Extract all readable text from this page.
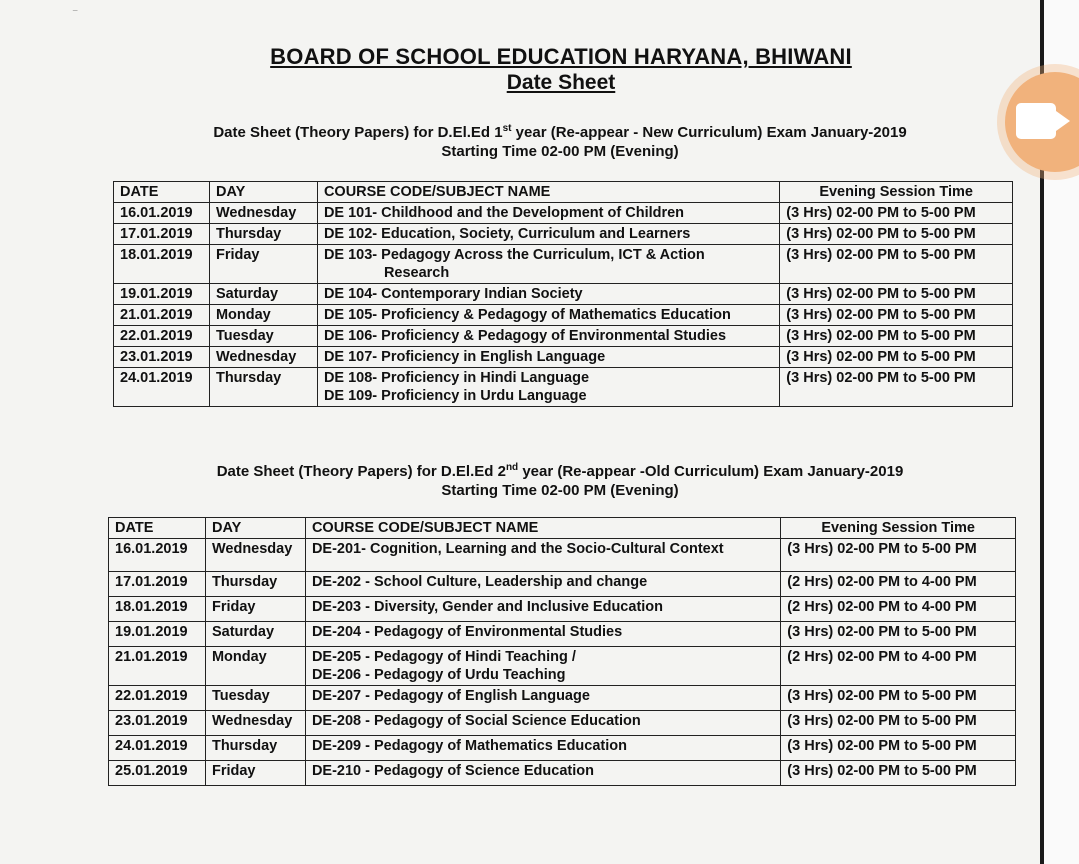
⁻
BOARD OF SCHOOL EDUCATION HARYANA, BHIWANI
Date Sheet
Date Sheet (Theory Papers) for D.El.Ed 1st year (Re-appear - New Curriculum) Exam January-2019
Starting Time 02-00 PM (Evening)
DATE	DAY	COURSE CODE/SUBJECT NAME	Evening Session Time
16.01.2019	Wednesday	DE 101- Childhood and the Development of Children	(3 Hrs) 02-00 PM to 5-00 PM
17.01.2019	Thursday	DE 102- Education, Society, Curriculum and Learners	(3 Hrs) 02-00 PM to 5-00 PM
18.01.2019	Friday	DE 103- Pedagogy Across the Curriculum, ICT & Action
Research	(3 Hrs) 02-00 PM to 5-00 PM
19.01.2019	Saturday	DE 104- Contemporary Indian Society	(3 Hrs) 02-00 PM to 5-00 PM
21.01.2019	Monday	DE 105- Proficiency & Pedagogy of Mathematics Education	(3 Hrs) 02-00 PM to 5-00 PM
22.01.2019	Tuesday	DE 106- Proficiency & Pedagogy of Environmental Studies	(3 Hrs) 02-00 PM to 5-00 PM
23.01.2019	Wednesday	DE 107- Proficiency in English Language	(3 Hrs) 02-00 PM to 5-00 PM
24.01.2019	Thursday	DE 108- Proficiency in Hindi Language
DE 109- Proficiency in Urdu Language	(3 Hrs) 02-00 PM to 5-00 PM
Date Sheet (Theory Papers) for D.El.Ed 2nd year (Re-appear -Old Curriculum) Exam January-2019
Starting Time 02-00 PM (Evening)
DATE	DAY	COURSE CODE/SUBJECT NAME	Evening Session Time
16.01.2019	Wednesday	DE-201- Cognition, Learning and the Socio-Cultural Context	(3 Hrs) 02-00 PM to 5-00 PM
17.01.2019	Thursday	DE-202 - School Culture, Leadership and change	(2 Hrs) 02-00 PM to 4-00 PM
18.01.2019	Friday	DE-203 - Diversity, Gender and Inclusive Education	(2 Hrs) 02-00 PM to 4-00 PM
19.01.2019	Saturday	DE-204 - Pedagogy of Environmental Studies	(3 Hrs) 02-00 PM to 5-00 PM
21.01.2019	Monday	DE-205 - Pedagogy of Hindi Teaching /
DE-206 - Pedagogy of Urdu Teaching	(2 Hrs) 02-00 PM to 4-00 PM
22.01.2019	Tuesday	DE-207 - Pedagogy of English Language	(3 Hrs) 02-00 PM to 5-00 PM
23.01.2019	Wednesday	DE-208 - Pedagogy of Social Science Education	(3 Hrs) 02-00 PM to 5-00 PM
24.01.2019	Thursday	DE-209 - Pedagogy of Mathematics Education	(3 Hrs) 02-00 PM to 5-00 PM
25.01.2019	Friday	DE-210 - Pedagogy of Science Education	(3 Hrs) 02-00 PM to 5-00 PM
